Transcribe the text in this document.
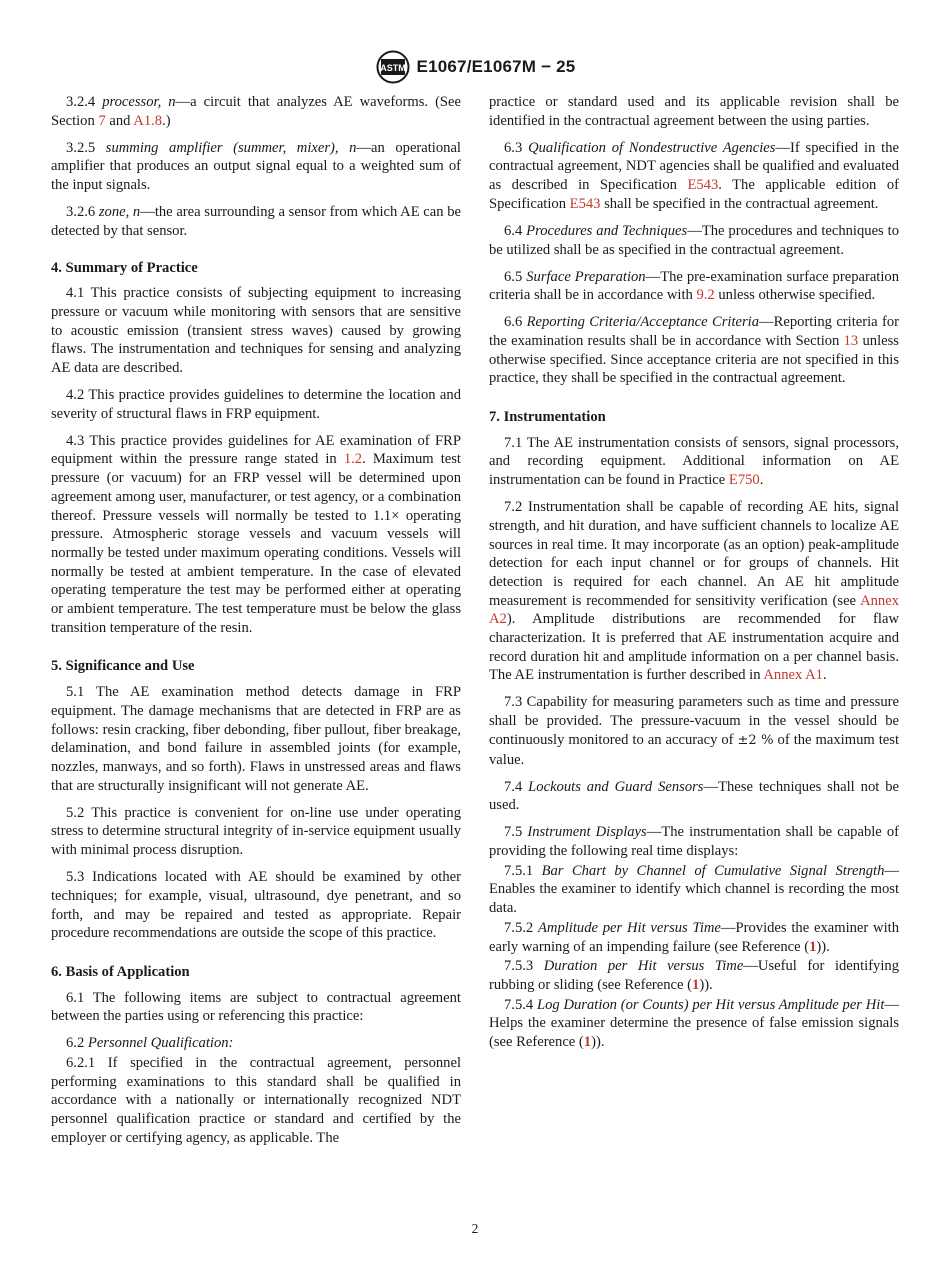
ASTM E1067/E1067M − 25

3.2.4 processor, n—a circuit that analyzes AE waveforms. (See Section 7 and A1.8.)

3.2.5 summing amplifier (summer, mixer), n—an operational amplifier that produces an output signal equal to a weighted sum of the input signals.

3.2.6 zone, n—the area surrounding a sensor from which AE can be detected by that sensor.

4. Summary of Practice

4.1 This practice consists of subjecting equipment to increasing pressure or vacuum while monitoring with sensors that are sensitive to acoustic emission (transient stress waves) caused by growing flaws. The instrumentation and techniques for sensing and analyzing AE data are described.

4.2 This practice provides guidelines to determine the location and severity of structural flaws in FRP equipment.

4.3 This practice provides guidelines for AE examination of FRP equipment within the pressure range stated in 1.2. Maximum test pressure (or vacuum) for an FRP vessel will be determined upon agreement among user, manufacturer, or test agency, or a combination thereof. Pressure vessels will normally be tested to 1.1× operating pressure. Atmospheric storage vessels and vacuum vessels will normally be tested under maximum operating conditions. Vessels will normally be tested at ambient temperature. In the case of elevated operating temperature the test may be performed either at operating or ambient temperature. The test temperature must be below the glass transition temperature of the resin.

5. Significance and Use

5.1 The AE examination method detects damage in FRP equipment. The damage mechanisms that are detected in FRP are as follows: resin cracking, fiber debonding, fiber pullout, fiber breakage, delamination, and bond failure in assembled joints (for example, nozzles, manways, and so forth). Flaws in unstressed areas and flaws that are structurally insignificant will not generate AE.

5.2 This practice is convenient for on-line use under operating stress to determine structural integrity of in-service equipment usually with minimal process disruption.

5.3 Indications located with AE should be examined by other techniques; for example, visual, ultrasound, dye penetrant, and so forth, and may be repaired and tested as appropriate. Repair procedure recommendations are outside the scope of this practice.

6. Basis of Application

6.1 The following items are subject to contractual agreement between the parties using or referencing this practice:

6.2 Personnel Qualification:

6.2.1 If specified in the contractual agreement, personnel performing examinations to this standard shall be qualified in accordance with a nationally or internationally recognized NDT personnel qualification practice or standard and certified by the employer or certifying agency, as applicable. The

practice or standard used and its applicable revision shall be identified in the contractual agreement between the using parties.

6.3 Qualification of Nondestructive Agencies—If specified in the contractual agreement, NDT agencies shall be qualified and evaluated as described in Specification E543. The applicable edition of Specification E543 shall be specified in the contractual agreement.

6.4 Procedures and Techniques—The procedures and techniques to be utilized shall be as specified in the contractual agreement.

6.5 Surface Preparation—The pre-examination surface preparation criteria shall be in accordance with 9.2 unless otherwise specified.

6.6 Reporting Criteria/Acceptance Criteria—Reporting criteria for the examination results shall be in accordance with Section 13 unless otherwise specified. Since acceptance criteria are not specified in this practice, they shall be specified in the contractual agreement.

7. Instrumentation

7.1 The AE instrumentation consists of sensors, signal processors, and recording equipment. Additional information on AE instrumentation can be found in Practice E750.

7.2 Instrumentation shall be capable of recording AE hits, signal strength, and hit duration, and have sufficient channels to localize AE sources in real time. It may incorporate (as an option) peak-amplitude detection for each input channel or for groups of channels. Hit detection is required for each channel. An AE hit amplitude measurement is recommended for sensitivity verification (see Annex A2). Amplitude distributions are recommended for flaw characterization. It is preferred that AE instrumentation acquire and record duration hit and amplitude information on a per channel basis. The AE instrumentation is further described in Annex A1.

7.3 Capability for measuring parameters such as time and pressure shall be provided. The pressure-vacuum in the vessel should be continuously monitored to an accuracy of ±2 % of the maximum test value.

7.4 Lockouts and Guard Sensors—These techniques shall not be used.

7.5 Instrument Displays—The instrumentation shall be capable of providing the following real time displays:

7.5.1 Bar Chart by Channel of Cumulative Signal Strength—Enables the examiner to identify which channel is recording the most data.

7.5.2 Amplitude per Hit versus Time—Provides the examiner with early warning of an impending failure (see Reference (1)).

7.5.3 Duration per Hit versus Time—Useful for identifying rubbing or sliding (see Reference (1)).

7.5.4 Log Duration (or Counts) per Hit versus Amplitude per Hit—Helps the examiner determine the presence of false emission signals (see Reference (1)).

2
